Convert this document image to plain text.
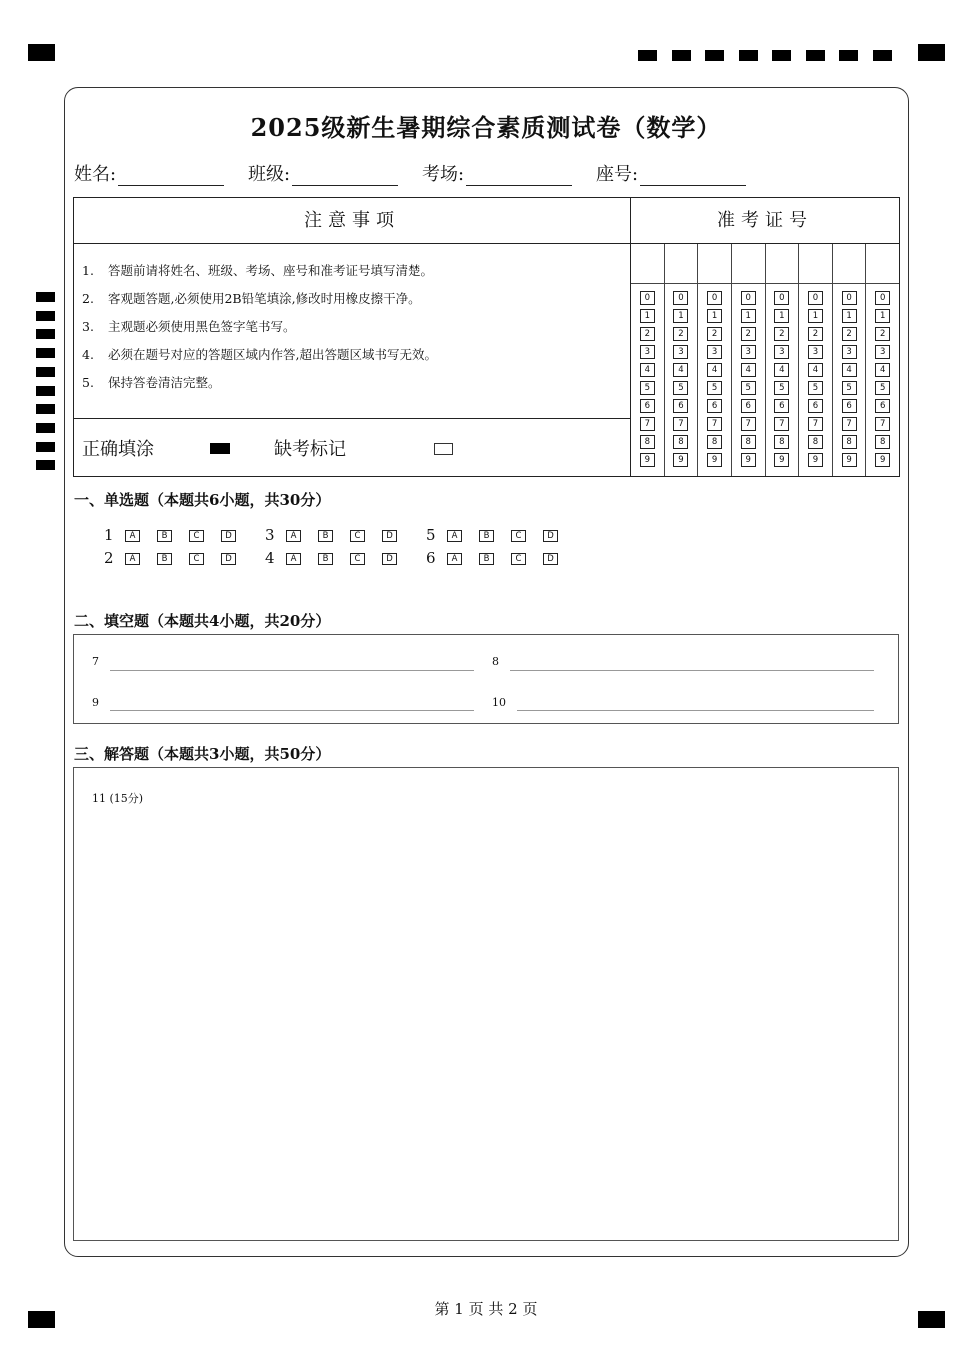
2025级新生暑期综合素质测试卷（数学）
姓名:	班级:	考场:	座号:
注意事项
1. 答题前请将姓名、班级、考场、座号和准考证号填写清楚。
2. 客观题答题,必须使用2B铅笔填涂,修改时用橡皮擦干净。
3. 主观题必须使用黑色签字笔书写。
4. 必须在题号对应的答题区域内作答,超出答题区域书写无效。
5. 保持答卷清洁完整。
正确填涂	缺考标记
准考证号
0
1
2
3
4
5
6
7
8
9
0
1
2
3
4
5
6
7
8
9
0
1
2
3
4
5
6
7
8
9
0
1
2
3
4
5
6
7
8
9
0
1
2
3
4
5
6
7
8
9
0
1
2
3
4
5
6
7
8
9
0
1
2
3
4
5
6
7
8
9
0
1
2
3
4
5
6
7
8
9
一、单选题（本题共6小题，共30分）
1	A	B	C	D
2	A	B	C	D
3	A	B	C	D
4	A	B	C	D
5	A	B	C	D
6	A	B	C	D
二、填空题（本题共4小题，共20分）
7	8
9	10
三、解答题（本题共3小题，共50分）
11 (15分)
第 1 页 共 2 页
